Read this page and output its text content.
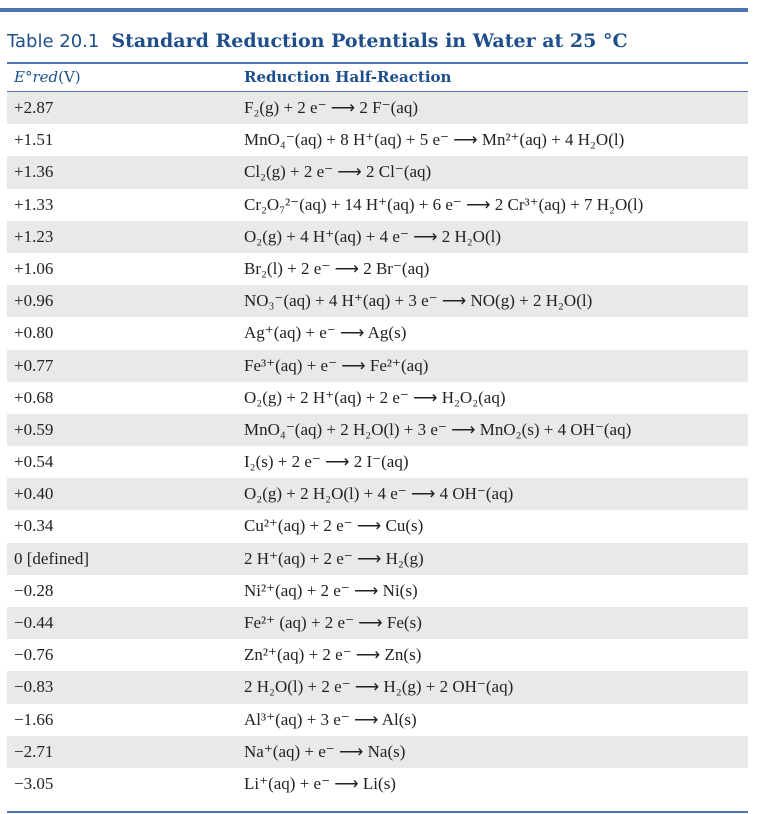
Table 20.1 Standard Reduction Potentials in Water at 25 °C
E°red(V)	Reduction Half-Reaction
+2.87	F₂(g) + 2 e⁻ ⟶ 2 F⁻(aq)
+1.51	MnO₄⁻(aq) + 8 H⁺(aq) + 5 e⁻ ⟶ Mn²⁺(aq) + 4 H₂O(l)
+1.36	Cl₂(g) + 2 e⁻ ⟶ 2 Cl⁻(aq)
+1.33	Cr₂O₇²⁻(aq) + 14 H⁺(aq) + 6 e⁻ ⟶ 2 Cr³⁺(aq) + 7 H₂O(l)
+1.23	O₂(g) + 4 H⁺(aq) + 4 e⁻ ⟶ 2 H₂O(l)
+1.06	Br₂(l) + 2 e⁻ ⟶ 2 Br⁻(aq)
+0.96	NO₃⁻(aq) + 4 H⁺(aq) + 3 e⁻ ⟶ NO(g) + 2 H₂O(l)
+0.80	Ag⁺(aq) + e⁻ ⟶ Ag(s)
+0.77	Fe³⁺(aq) + e⁻ ⟶ Fe²⁺(aq)
+0.68	O₂(g) + 2 H⁺(aq) + 2 e⁻ ⟶ H₂O₂(aq)
+0.59	MnO₄⁻(aq) + 2 H₂O(l) + 3 e⁻ ⟶ MnO₂(s) + 4 OH⁻(aq)
+0.54	I₂(s) + 2 e⁻ ⟶ 2 I⁻(aq)
+0.40	O₂(g) + 2 H₂O(l) + 4 e⁻ ⟶ 4 OH⁻(aq)
+0.34	Cu²⁺(aq) + 2 e⁻ ⟶ Cu(s)
0 [defined]	2 H⁺(aq) + 2 e⁻ ⟶ H₂(g)
−0.28	Ni²⁺(aq) + 2 e⁻ ⟶ Ni(s)
−0.44	Fe²⁺ (aq) + 2 e⁻ ⟶ Fe(s)
−0.76	Zn²⁺(aq) + 2 e⁻ ⟶ Zn(s)
−0.83	2 H₂O(l) + 2 e⁻ ⟶ H₂(g) + 2 OH⁻(aq)
−1.66	Al³⁺(aq) + 3 e⁻ ⟶ Al(s)
−2.71	Na⁺(aq) + e⁻ ⟶ Na(s)
−3.05	Li⁺(aq) + e⁻ ⟶ Li(s)
